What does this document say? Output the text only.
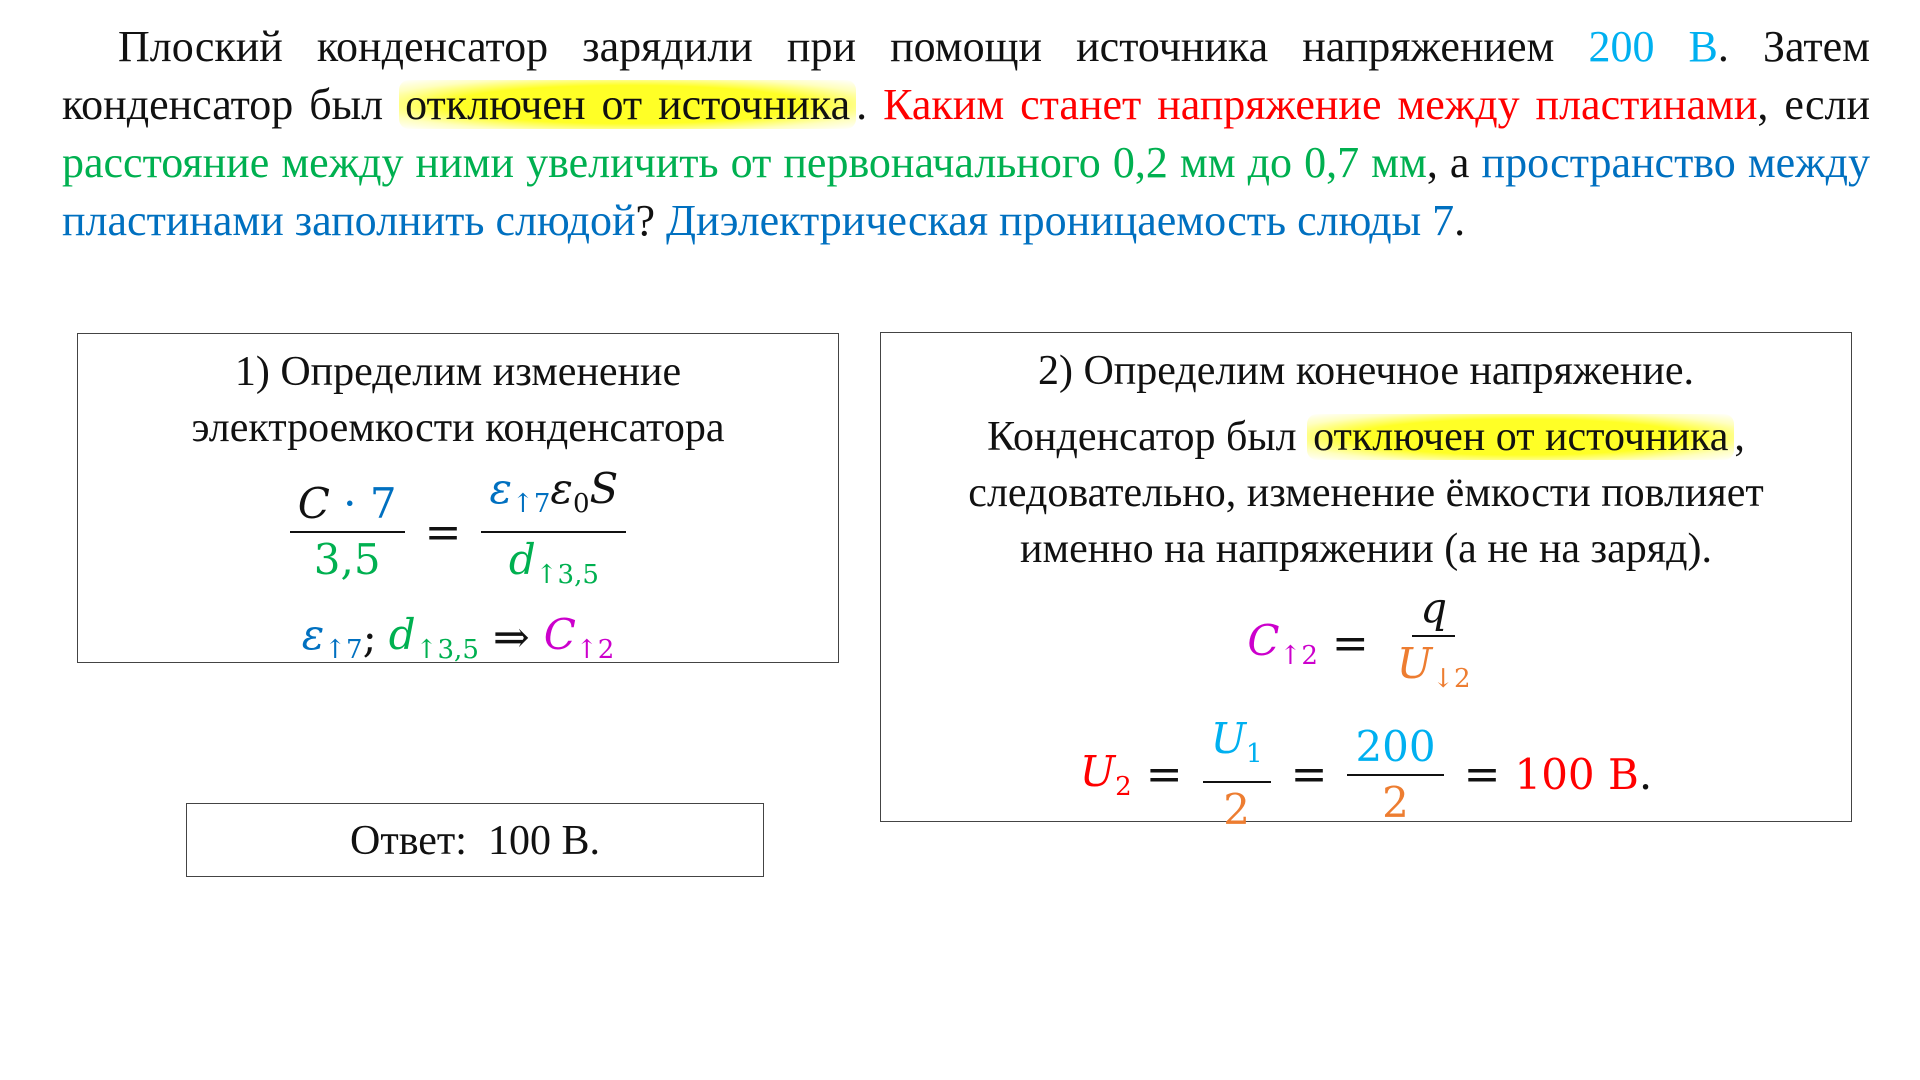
Плоский конденсатор зарядили при помощи источника напряжением 200 В. Затем конденсатор был отключен от источника . Каким станет напряжение между пластинами, если расстояние между ними увеличить от первоначального 0,2 мм до 0,7 мм, а пространство между пластинами заполнить слюдой? Диэлектрическая проницаемость слюды 7.
1) Определим изменение
электроемкости конденсатора
$\frac{C \cdot 7}{3,5} = \frac{\varepsilon_{↑7}\varepsilon_0S}{d_{↑3,5}}$
$\varepsilon_{↑7}$ ; $d_{↑3,5}$ ⇒ $C_{↑2}$
2) Определим конечное напряжение.
Конденсатор был отключен от источника ,
следовательно, изменение ёмкости повлияет
именно на напряжении (а не на заряд).
$C_{↑2} = \frac{q}{U_{↓2}}$
$U_2 = \frac{U_1}{2} = \frac{200}{2} = 100$ В .
Ответ: 100 В.
